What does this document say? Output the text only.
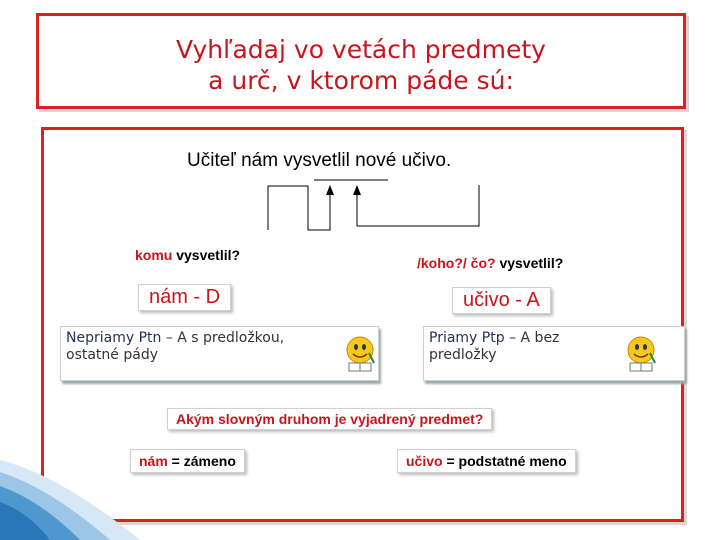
Vyhľadaj vo vetách predmety
a urč, v ktorom páde sú:
Učiteľ nám vysvetlil nové učivo.
komu vysvetlil?	/koho?/ čo? vysvetlil?
nám - D	učivo - A
Nepriamy Ptn – A s predložkou,
ostatné pády
Priamy Ptp – A bez
predložky
Akým slovným druhom je vyjadrený predmet?
nám = zámeno	učivo = podstatné meno
